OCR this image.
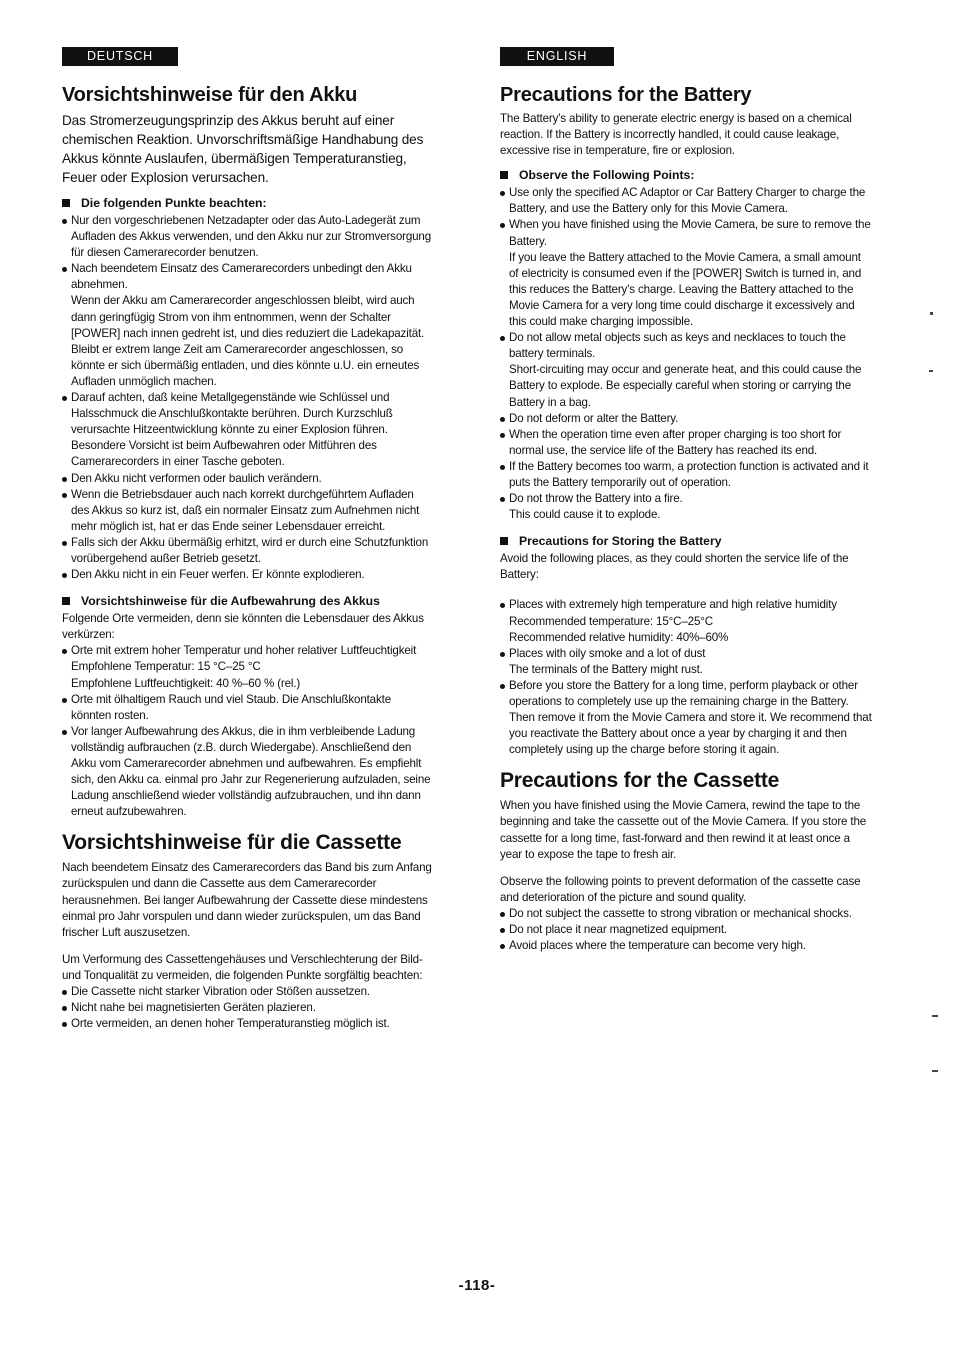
DEUTSCH
Vorsichtshinweise für den Akku

Das Stromerzeugungsprinzip des Akkus beruht auf einer chemischen Reaktion. Unvorschriftsmäßige Handhabung des Akkus könnte Auslaufen, übermäßigen Temperaturanstieg, Feuer oder Explosion verursachen.

Die folgenden Punkte beachten:
Nur den vorgeschriebenen Netzadapter oder das Auto-Ladegerät zum Aufladen des Akkus verwenden, und den Akku nur zur Stromversorgung für diesen Camerarecorder benutzen.
Nach beendetem Einsatz des Camerarecorders unbedingt den Akku abnehmen.
Wenn der Akku am Camerarecorder angeschlossen bleibt, wird auch dann geringfügig Strom von ihm entnommen, wenn der Schalter [POWER] nach innen gedreht ist, und dies reduziert die Ladekapazität. Bleibt er extrem lange Zeit am Camerarecorder angeschlossen, so könnte er sich übermäßig entladen, und dies könnte u.U. ein erneutes Aufladen unmöglich machen.
Darauf achten, daß keine Metallgegenstände wie Schlüssel und Halsschmuck die Anschlußkontakte berühren. Durch Kurzschluß verursachte Hitzeentwicklung könnte zu einer Explosion führen. Besondere Vorsicht ist beim Aufbewahren oder Mitführen des Camerarecorders in einer Tasche geboten.
Den Akku nicht verformen oder baulich verändern.
Wenn die Betriebsdauer auch nach korrekt durchgeführtem Aufladen des Akkus so kurz ist, daß ein normaler Einsatz zum Aufnehmen nicht mehr möglich ist, hat er das Ende seiner Lebensdauer erreicht.
Falls sich der Akku übermäßig erhitzt, wird er durch eine Schutzfunktion vorübergehend außer Betrieb gesetzt.
Den Akku nicht in ein Feuer werfen. Er könnte explodieren.
Vorsichtshinweise für die Aufbewahrung des Akkus

Folgende Orte vermeiden, denn sie könnten die Lebensdauer des Akkus verkürzen:

Orte mit extrem hoher Temperatur und hoher relativer Luftfeuchtigkeit
Empfohlene Temperatur: 15 °C–25 °C
Empfohlene Luftfeuchtigkeit: 40 %–60 % (rel.)
Orte mit ölhaltigem Rauch und viel Staub. Die Anschlußkontakte könnten rosten.
Vor langer Aufbewahrung des Akkus, die in ihm verbleibende Ladung vollständig aufbrauchen (z.B. durch Wiedergabe). Anschließend den Akku vom Camerarecorder abnehmen und aufbewahren. Es empfiehlt sich, den Akku ca. einmal pro Jahr zur Regenerierung aufzuladen, seine Ladung anschließend wieder vollständig aufzubrauchen, und ihn dann erneut aufzubewahren.
Vorsichtshinweise für die Cassette

Nach beendetem Einsatz des Camerarecorders das Band bis zum Anfang zurückspulen und dann die Cassette aus dem Camerarecorder herausnehmen. Bei langer Aufbewahrung der Cassette diese mindestens einmal pro Jahr vorspulen und dann wieder zurückspulen, um das Band frischer Luft auszusetzen.

Um Verformung des Cassettengehäuses und Verschlechterung der Bild- und Tonqualität zu vermeiden, die folgenden Punkte sorgfältig beachten:

Die Cassette nicht starker Vibration oder Stößen aussetzen.
Nicht nahe bei magnetisierten Geräten plazieren.
Orte vermeiden, an denen hoher Temperaturanstieg möglich ist.
ENGLISH
Precautions for the Battery

The Battery's ability to generate electric energy is based on a chemical reaction. If the Battery is incorrectly handled, it could cause leakage, excessive rise in temperature, fire or explosion.

Observe the Following Points:
Use only the specified AC Adaptor or Car Battery Charger to charge the Battery, and use the Battery only for this Movie Camera.
When you have finished using the Movie Camera, be sure to remove the Battery.
If you leave the Battery attached to the Movie Camera, a small amount of electricity is consumed even if the [POWER] Switch is turned in, and this reduces the Battery's charge. Leaving the Battery attached to the Movie Camera for a very long time could discharge it excessively and this could make charging impossible.
Do not allow metal objects such as keys and necklaces to touch the battery terminals.
Short-circuiting may occur and generate heat, and this could cause the Battery to explode. Be especially careful when storing or carrying the Battery in a bag.
Do not deform or alter the Battery.
When the operation time even after proper charging is too short for normal use, the service life of the Battery has reached its end.
If the Battery becomes too warm, a protection function is activated and it puts the Battery temporarily out of operation.
Do not throw the Battery into a fire.
This could cause it to explode.
Precautions for Storing the Battery

Avoid the following places, as they could shorten the service life of the Battery:

Places with extremely high temperature and high relative humidity
Recommended temperature: 15°C–25°C
Recommended relative humidity: 40%–60%
Places with oily smoke and a lot of dust
The terminals of the Battery might rust.
Before you store the Battery for a long time, perform playback or other operations to completely use up the remaining charge in the Battery. Then remove it from the Movie Camera and store it. We recommend that you reactivate the Battery about once a year by charging it and then completely using up the charge before storing it again.
Precautions for the Cassette

When you have finished using the Movie Camera, rewind the tape to the beginning and take the cassette out of the Movie Camera. If you store the cassette for a long time, fast-forward and then rewind it at least once a year to expose the tape to fresh air.

Observe the following points to prevent deformation of the cassette case and deterioration of the picture and sound quality.

Do not subject the cassette to strong vibration or mechanical shocks.
Do not place it near magnetized equipment.
Avoid places where the temperature can become very high.
-118-
